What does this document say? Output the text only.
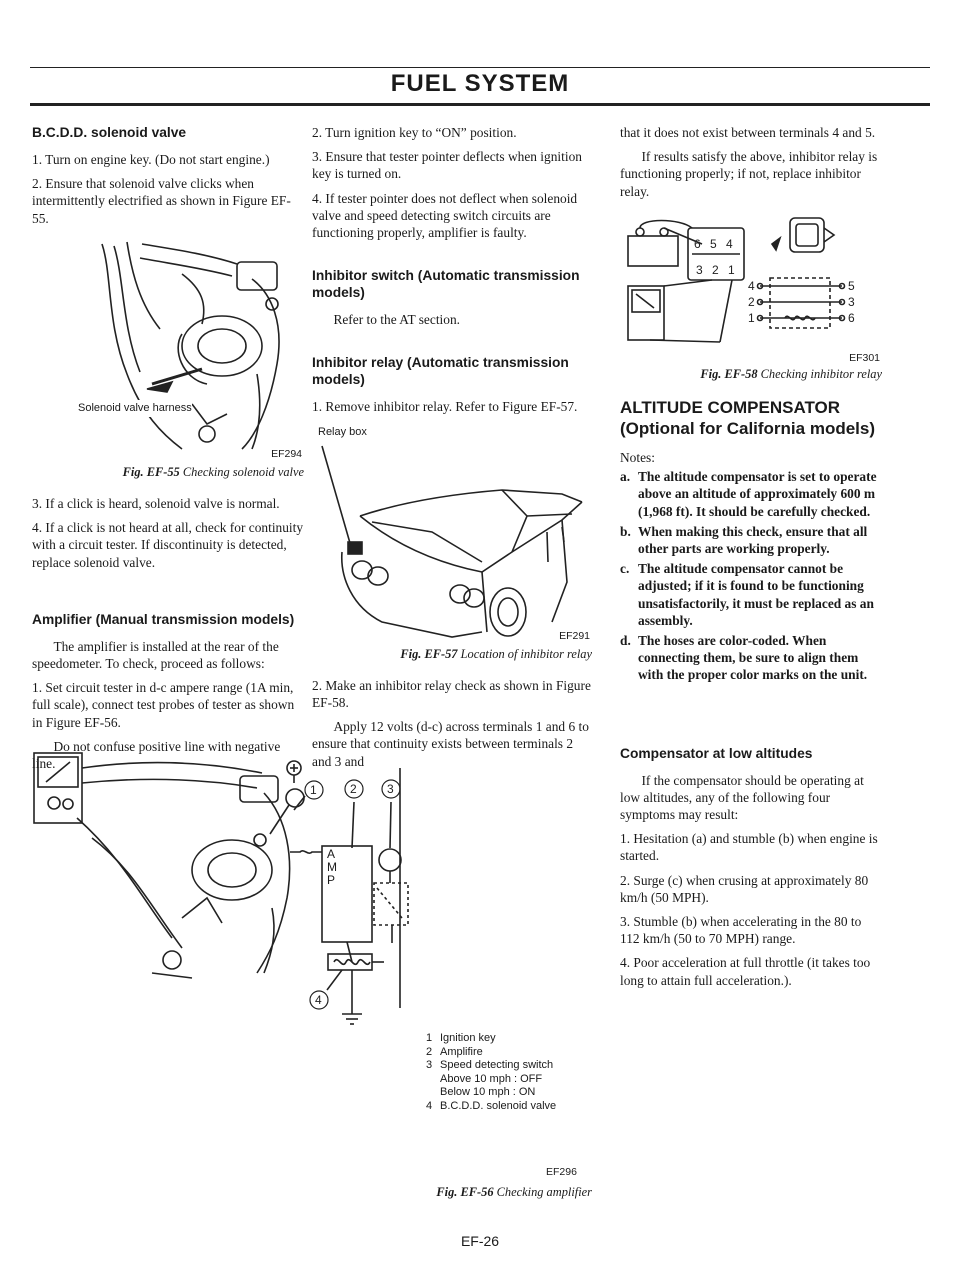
FUEL SYSTEM
B.C.D.D. solenoid valve

1. Turn on engine key. (Do not start engine.)

2. Ensure that solenoid valve clicks when intermittently electrified as shown in Figure EF-55.

Solenoid valve harness
EF294
Fig. EF-55 Checking solenoid valve

3. If a click is heard, solenoid valve is normal.

4. If a click is not heard at all, check for continuity with a circuit tester. If discontinuity is detected, replace solenoid valve.

Amplifier (Manual transmission models)

The amplifier is installed at the rear of the speedometer. To check, proceed as follows:

1. Set circuit tester in d-c ampere range (1A min, full scale), connect test probes of tester as shown in Figure EF-56.

Do not confuse positive line with negative line.

1	2	3
4
AMP
1 Ignition key
2 Amplifire
3 Speed detecting switch
Above 10 mph : OFF
Below 10 mph : ON
4 B.C.D.D. solenoid valve
EF296
Fig. EF-56 Checking amplifier

2. Turn ignition key to “ON” position.

3. Ensure that tester pointer deflects when ignition key is turned on.

4. If tester pointer does not deflect when solenoid valve and speed detecting switch circuits are functioning properly, amplifier is faulty.

Inhibitor switch (Automatic transmission models)

Refer to the AT section.

Inhibitor relay (Automatic transmission models)

1. Remove inhibitor relay. Refer to Figure EF-57.

Relay box
EF291
Fig. EF-57 Location of inhibitor relay

2. Make an inhibitor relay check as shown in Figure EF-58.

Apply 12 volts (d-c) across terminals 1 and 6 to ensure that continuity exists between terminals 2 and 3 and

that it does not exist between terminals 4 and 5.

If results satisfy the above, inhibitor relay is functioning properly; if not, replace inhibitor relay.

6 5 4
3 2 1
4
2
1
5
3
6
EF301
Fig. EF-58 Checking inhibitor relay
ALTITUDE COMPENSATOR (Optional for California models)

Notes:

a. The altitude compensator is set to operate above an altitude of approximately 600 m (1,968 ft). It should be carefully checked.
b. When making this check, ensure that all other parts are working properly.
c. The altitude compensator cannot be adjusted; if it is found to be functioning unsatisfactorily, it must be replaced as an assembly.
d. The hoses are color-coded. When connecting them, be sure to align them with the proper color marks on the unit.
Compensator at low altitudes

If the compensator should be operating at low altitudes, any of the following four symptoms may result:

1. Hesitation (a) and stumble (b) when engine is started.

2. Surge (c) when crusing at approximately 80 km/h (50 MPH).

3. Stumble (b) when accelerating in the 80 to 112 km/h (50 to 70 MPH) range.

4. Poor acceleration at full throttle (it takes too long to attain full acceleration.).

EF-26
